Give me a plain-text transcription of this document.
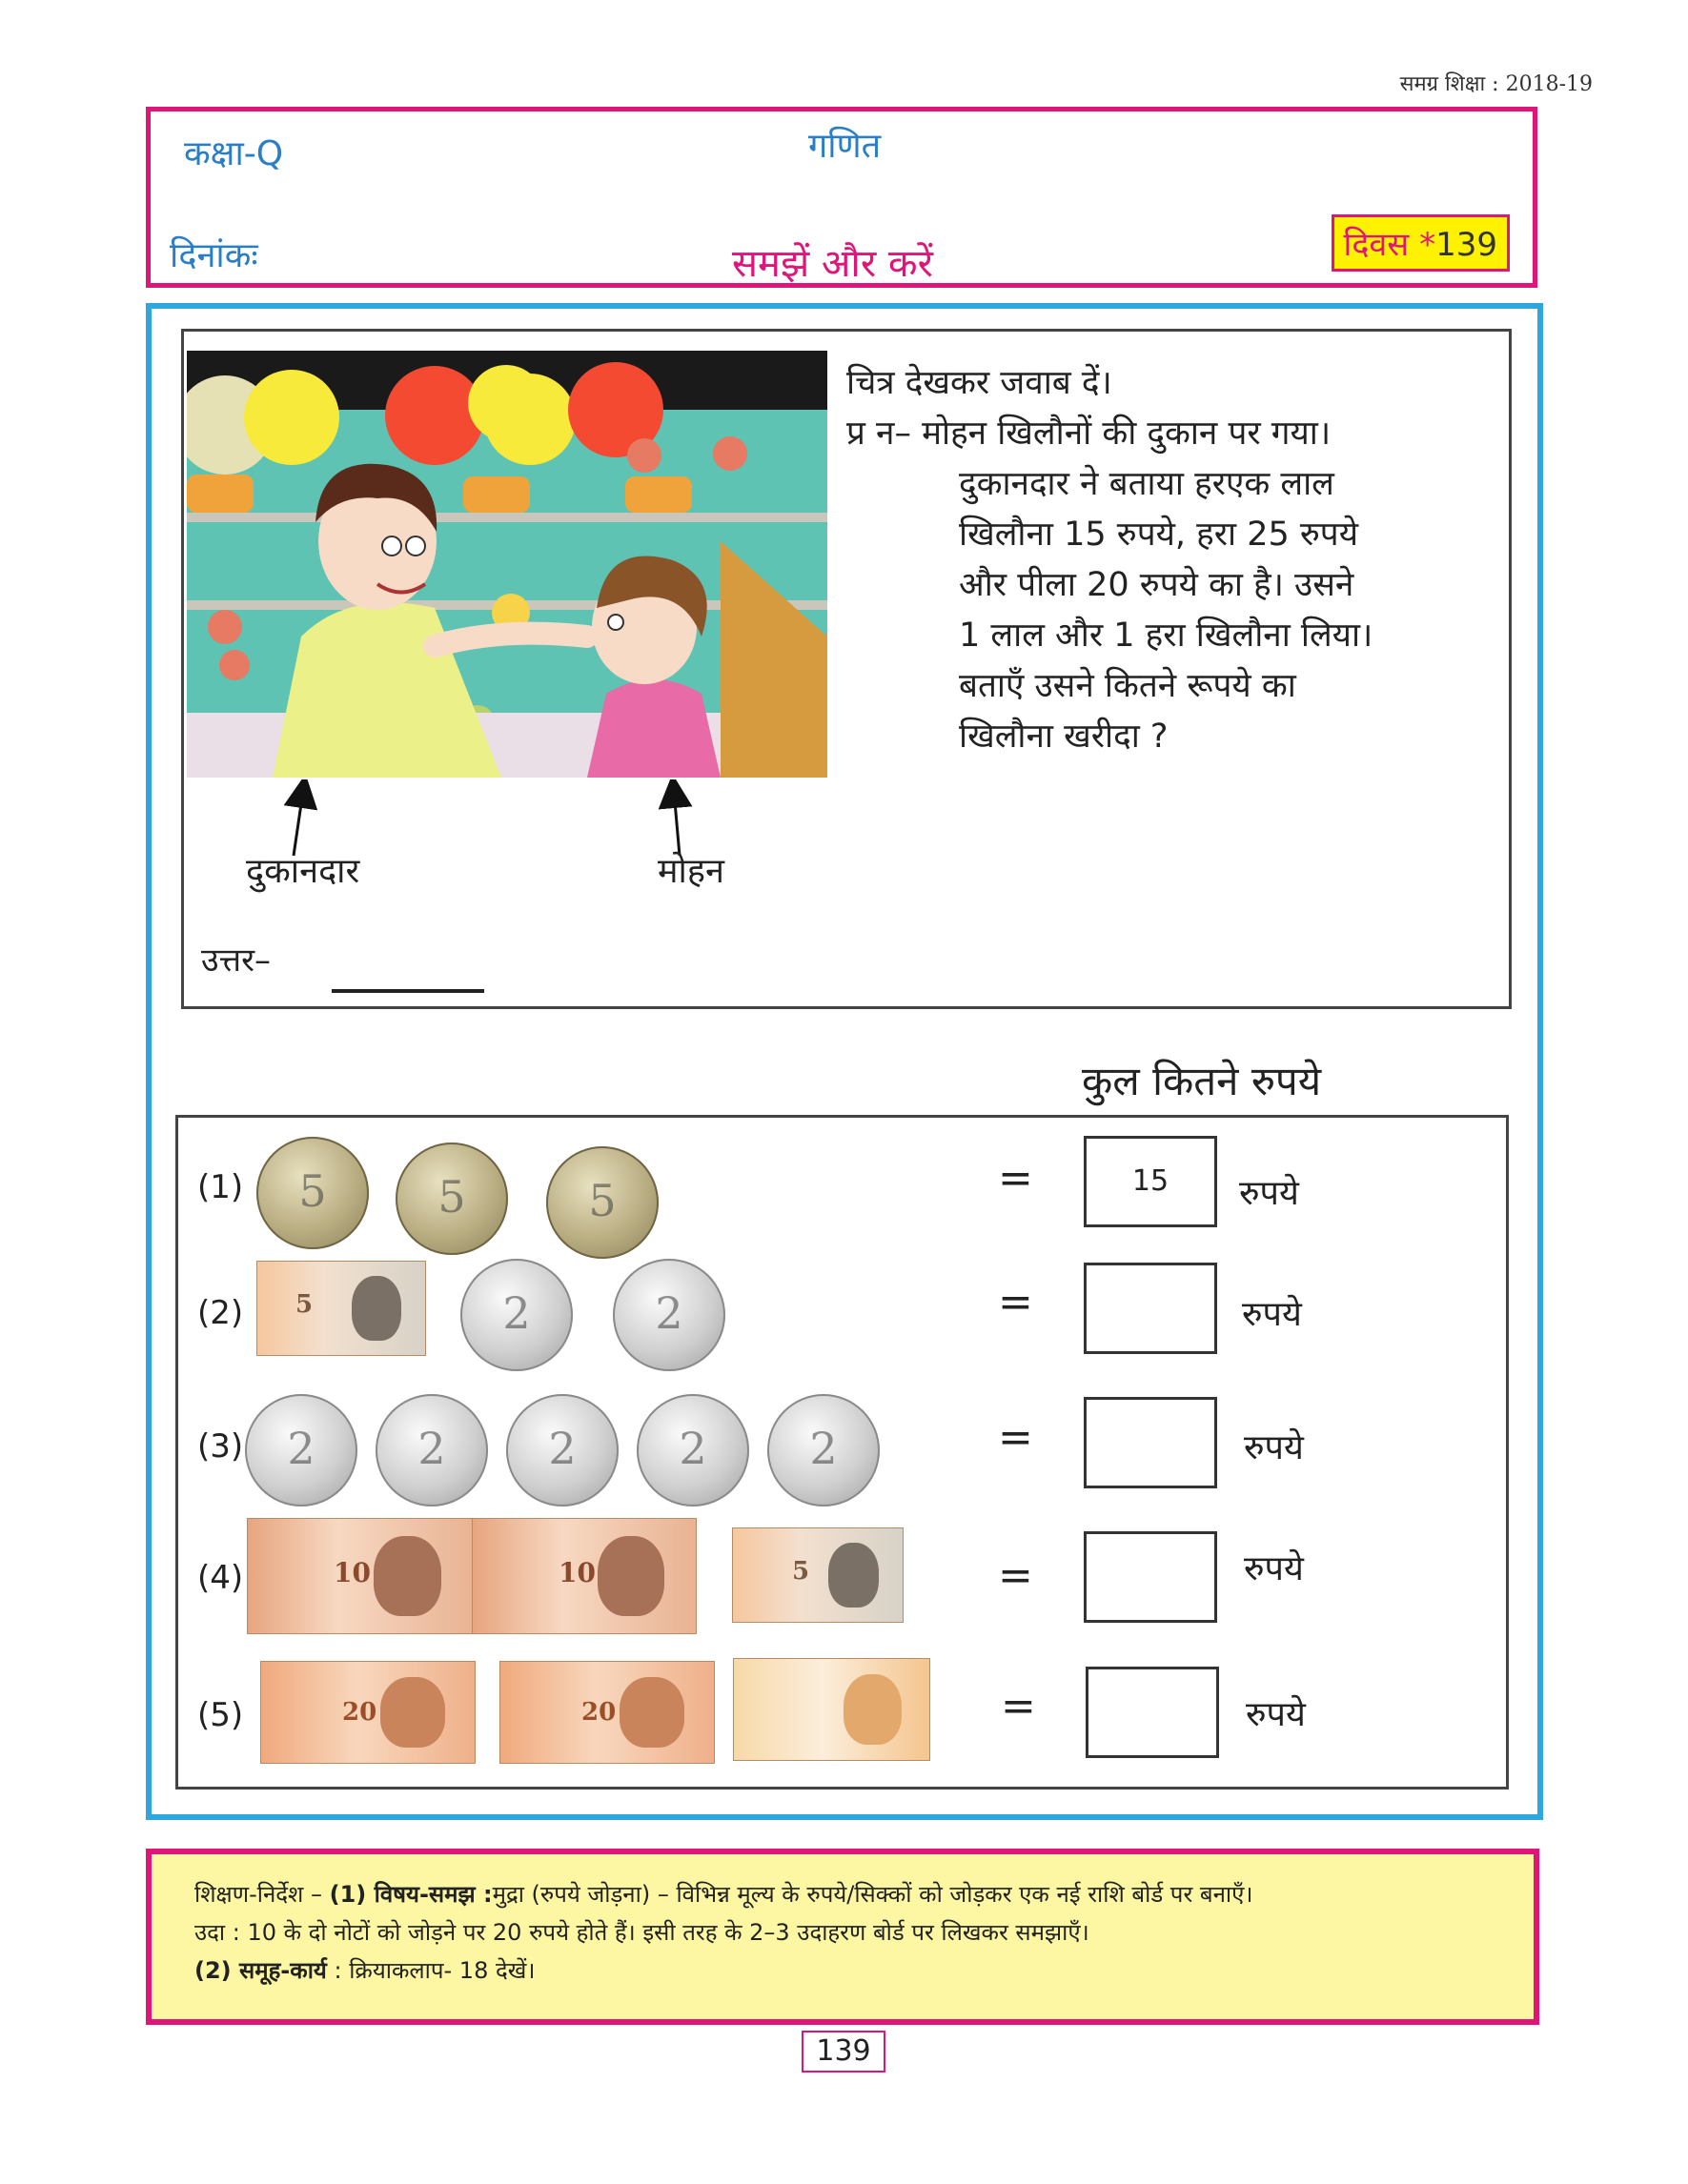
समग्र शिक्षा : 2018-19
कक्षा-Q	गणित
दिनांकः	समझें और करें	दिवस *139
चित्र देखकर जवाब दें।
प्र न– मोहन खिलौनों की दुकान पर गया।
दुकानदार ने बताया हरएक लाल
खिलौना 15 रुपये, हरा 25 रुपये
और पीला 20 रुपये का है। उसने
1 लाल और 1 हरा खिलौना लिया।
बताएँ उसने कितने रूपये का
खिलौना खरीदा ?
दुकानदार	मोहन
उत्तर–
कुल कितने रुपये
(1)	5	5	5	=	15	रुपये
(2) 5	2	2	=	रुपये
(3)	2	2	2	2	2	=	रुपये
(4)	10	10	5	=	रुपये
(5)	20	20	=	रुपये
शिक्षण-निर्देश – (1) विषय-समझ :मुद्रा (रुपये जोड़ना) – विभिन्न मूल्य के रुपये/सिक्कों को जोड़कर एक नई राशि बोर्ड पर बनाएँ।
उदा : 10 के दो नोटों को जोड़ने पर 20 रुपये होते हैं। इसी तरह के 2–3 उदाहरण बोर्ड पर लिखकर समझाएँ।
(2) समूह-कार्य : क्रियाकलाप- 18 देखें।
139
